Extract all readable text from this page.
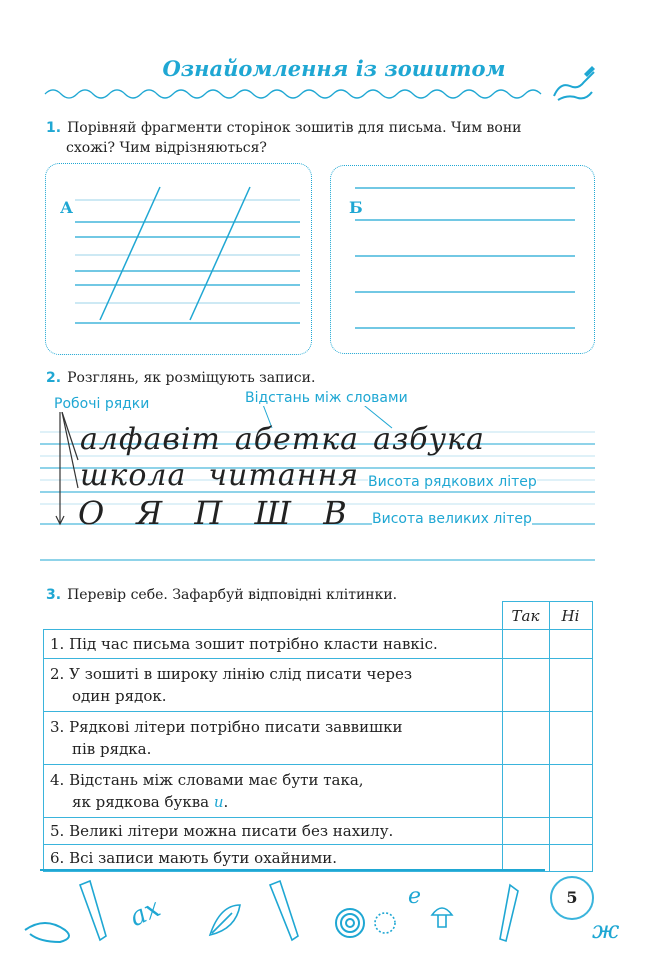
Ознайомлення із зошитом
1. Порівняй фрагменти сторінок зошитів для письма. Чим вони
схожі? Чим відрізняються?
А	Б
2. Розглянь, як розміщують записи.
Робочі рядки	Відстань між словами
алфавіт абетка азбука
школа читання Висота рядкових літер
О Я П Ш В Висота великих літер
3. Перевір себе. Зафарбуй відповідні клітинки.
	Так	Ні
1. Під час письма зошит потрібно класти навкіс.		
2. У зошиті в широку лінію слід писати через
один рядок.		
3. Рядкові літери потрібно писати заввишки
пів рядка.		
4. Відстань між словами має бути така,
як рядкова буква и.		
5. Великі літери можна писати без нахилу.		
6. Всі записи мають бути охайними.		
5
ах	е
ж
